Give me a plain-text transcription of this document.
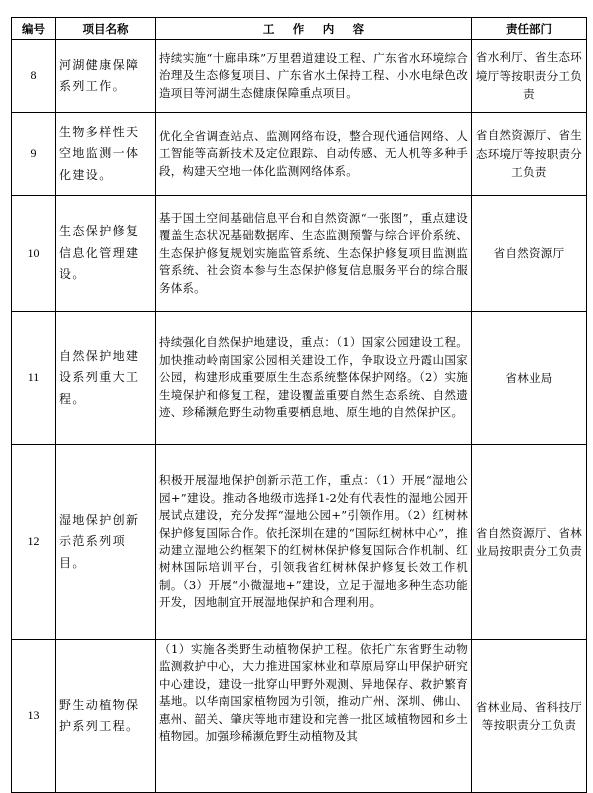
编号	项目名称	工作内容	责任部门
8	河湖健康保障系列工作。	持续实施“十廊串珠”万里碧道建设工程、广东省水环境综合治理及生态修复项目、广东省水土保持工程、小水电绿色改造项目等河湖生态健康保障重点项目。	省水利厅、省生态环境厅等按职责分工负责
9	生物多样性天空地监测一体化建设。	优化全省调查站点、监测网络布设，整合现代通信网络、人工智能等高新技术及定位跟踪、自动传感、无人机等多种手段，构建天空地一体化监测网络体系。	省自然资源厅、省生态环境厅等按职责分工负责
10	生态保护修复信息化管理建设。	基于国土空间基础信息平台和自然资源“一张图”，重点建设覆盖生态状况基础数据库、生态监测预警与综合评价系统、生态保护修复规划实施监管系统、生态保护修复项目监测监管系统、社会资本参与生态保护修复信息服务平台的综合服务体系。	省自然资源厅
11	自然保护地建设系列重大工程。	持续强化自然保护地建设，重点：（1）国家公园建设工程。加快推动岭南国家公园相关建设工作，争取设立丹霞山国家公园，构建形成重要原生生态系统整体保护网络。（2）实施生境保护和修复工程，建设覆盖重要自然生态系统、自然遗迹、珍稀濒危野生动物重要栖息地、原生地的自然保护区。	省林业局
12	湿地保护创新示范系列项目。	积极开展湿地保护创新示范工作，重点：（1）开展“湿地公园+”建设。推动各地级市选择1-2处有代表性的湿地公园开展试点建设，充分发挥“湿地公园+”引领作用。（2）红树林保护修复国际合作。依托深圳在建的“国际红树林中心”，推动建立湿地公约框架下的红树林保护修复国际合作机制、红树林国际培训平台，引领我省红树林保护修复长效工作机制。（3）开展“小微湿地+”建设，立足于湿地多种生态功能开发，因地制宜开展湿地保护和合理利用。	省自然资源厅、省林业局按职责分工负责
13	野生动植物保护系列工程。	（1）实施各类野生动植物保护工程。依托广东省野生动物监测救护中心，大力推进国家林业和草原局穿山甲保护研究中心建设，建设一批穿山甲野外观测、异地保存、救护繁育基地。以华南国家植物园为引领，推动广州、深圳、佛山、惠州、韶关、肇庆等地市建设和完善一批区域植物园和乡土植物园。加强珍稀濒危野生动植物及其	省林业局、省科技厅等按职责分工负责
